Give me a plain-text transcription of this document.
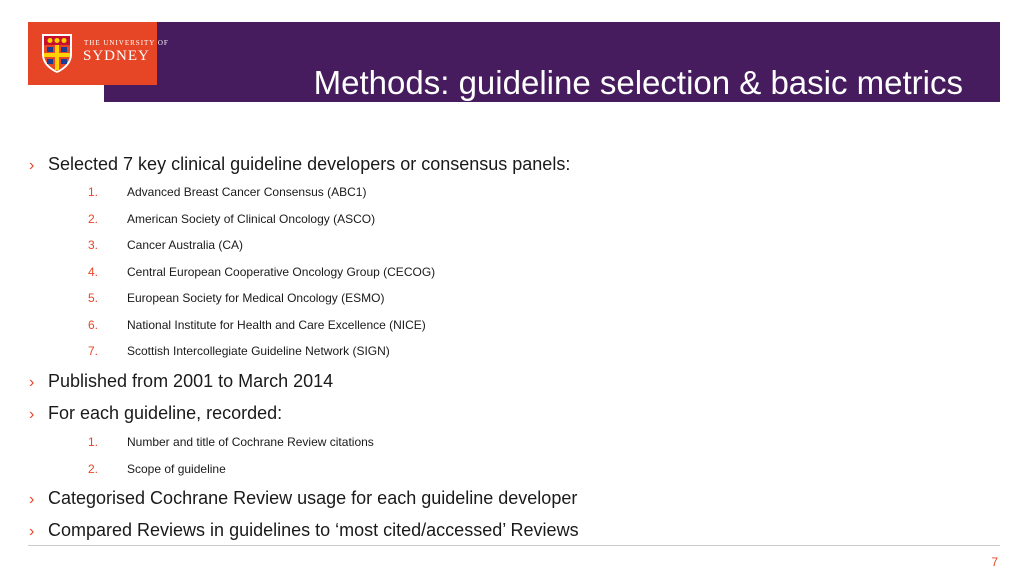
Methods: guideline selection & basic metrics
THE UNIVERSITY OF
SYDNEY
› Selected 7 key clinical guideline developers or consensus panels:
1.	Advanced Breast Cancer Consensus (ABC1)
2.	American Society of Clinical Oncology (ASCO)
3.	Cancer Australia (CA)
4.	Central European Cooperative Oncology Group (CECOG)
5.	European Society for Medical Oncology (ESMO)
6.	National Institute for Health and Care Excellence (NICE)
7.	Scottish Intercollegiate Guideline Network (SIGN)
› Published from 2001 to March 2014
› For each guideline, recorded:
1.	Number and title of Cochrane Review citations
2.	Scope of guideline
› Categorised Cochrane Review usage for each guideline developer
› Compared Reviews in guidelines to ‘most cited/accessed’ Reviews
7
